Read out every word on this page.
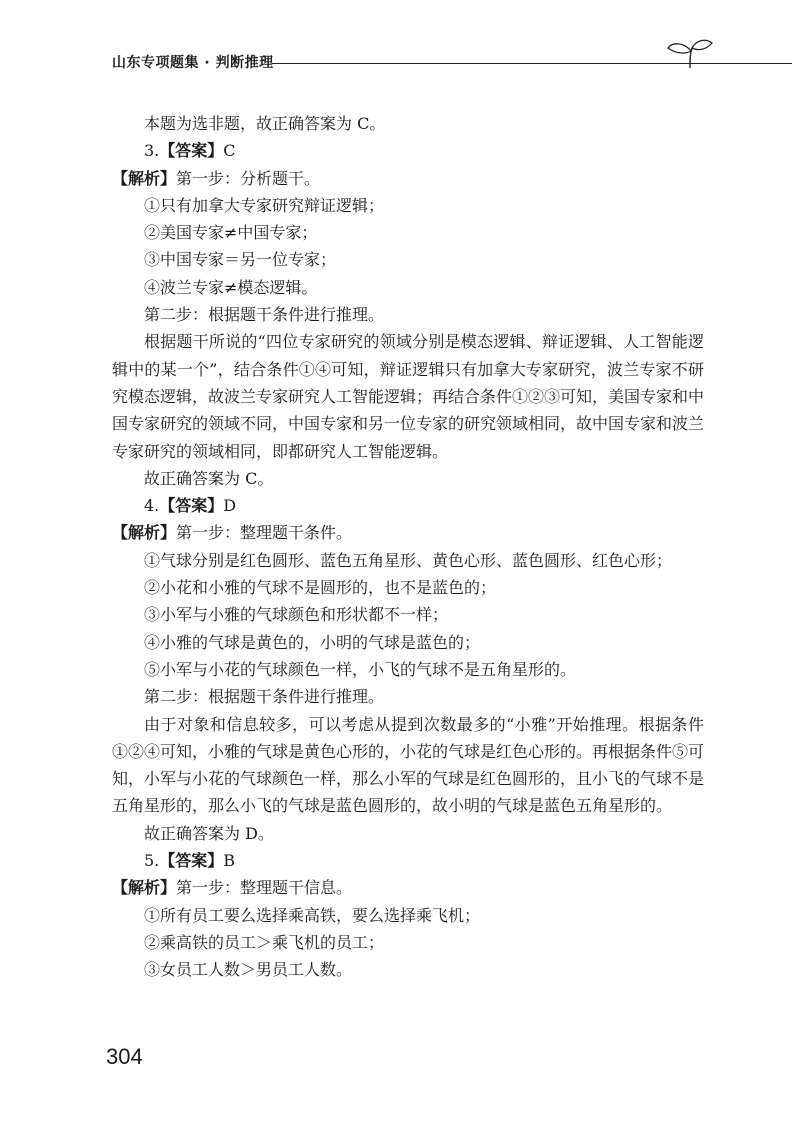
山东专项题集 · 判断推理

本题为选非题，故正确答案为 C。

3.【答案】C

【解析】第一步：分析题干。

①只有加拿大专家研究辩证逻辑；

②美国专家≠中国专家；

③中国专家＝另一位专家；

④波兰专家≠模态逻辑。

第二步：根据题干条件进行推理。

根据题干所说的“四位专家研究的领域分别是模态逻辑、辩证逻辑、人工智能逻辑中的某一个”，结合条件①④可知，辩证逻辑只有加拿大专家研究，波兰专家不研究模态逻辑，故波兰专家研究人工智能逻辑；再结合条件①②③可知，美国专家和中国专家研究的领域不同，中国专家和另一位专家的研究领域相同，故中国专家和波兰专家研究的领域相同，即都研究人工智能逻辑。

故正确答案为 C。

4.【答案】D

【解析】第一步：整理题干条件。

①气球分别是红色圆形、蓝色五角星形、黄色心形、蓝色圆形、红色心形；

②小花和小雅的气球不是圆形的，也不是蓝色的；

③小军与小雅的气球颜色和形状都不一样；

④小雅的气球是黄色的，小明的气球是蓝色的；

⑤小军与小花的气球颜色一样，小飞的气球不是五角星形的。

第二步：根据题干条件进行推理。

由于对象和信息较多，可以考虑从提到次数最多的“小雅”开始推理。根据条件①②④可知，小雅的气球是黄色心形的，小花的气球是红色心形的。再根据条件⑤可知，小军与小花的气球颜色一样，那么小军的气球是红色圆形的，且小飞的气球不是五角星形的，那么小飞的气球是蓝色圆形的，故小明的气球是蓝色五角星形的。

故正确答案为 D。

5.【答案】B

【解析】第一步：整理题干信息。

①所有员工要么选择乘高铁，要么选择乘飞机；

②乘高铁的员工＞乘飞机的员工；

③女员工人数＞男员工人数。

304
